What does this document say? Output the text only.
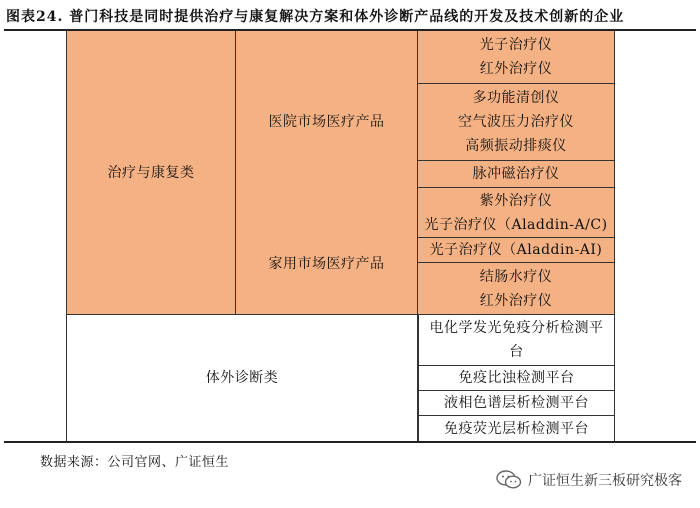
图表24. 普门科技是同时提供治疗与康复解决方案和体外诊断产品线的开发及技术创新的企业
治疗与康复类
体外诊断类
医院市场医疗产品
家用市场医疗产品
光子治疗仪
红外治疗仪
多功能清创仪
空气波压力治疗仪
高频振动排痰仪
脉冲磁治疗仪
紫外治疗仪
光子治疗仪（Aladdin-A/C)
光子治疗仪（Aladdin-AI)
结肠水疗仪
红外治疗仪
电化学发光免疫分析检测平
台
免疫比浊检测平台
液相色谱层析检测平台
免疫荧光层析检测平台
数据来源：公司官网、广证恒生
广证恒生新三板研究极客
